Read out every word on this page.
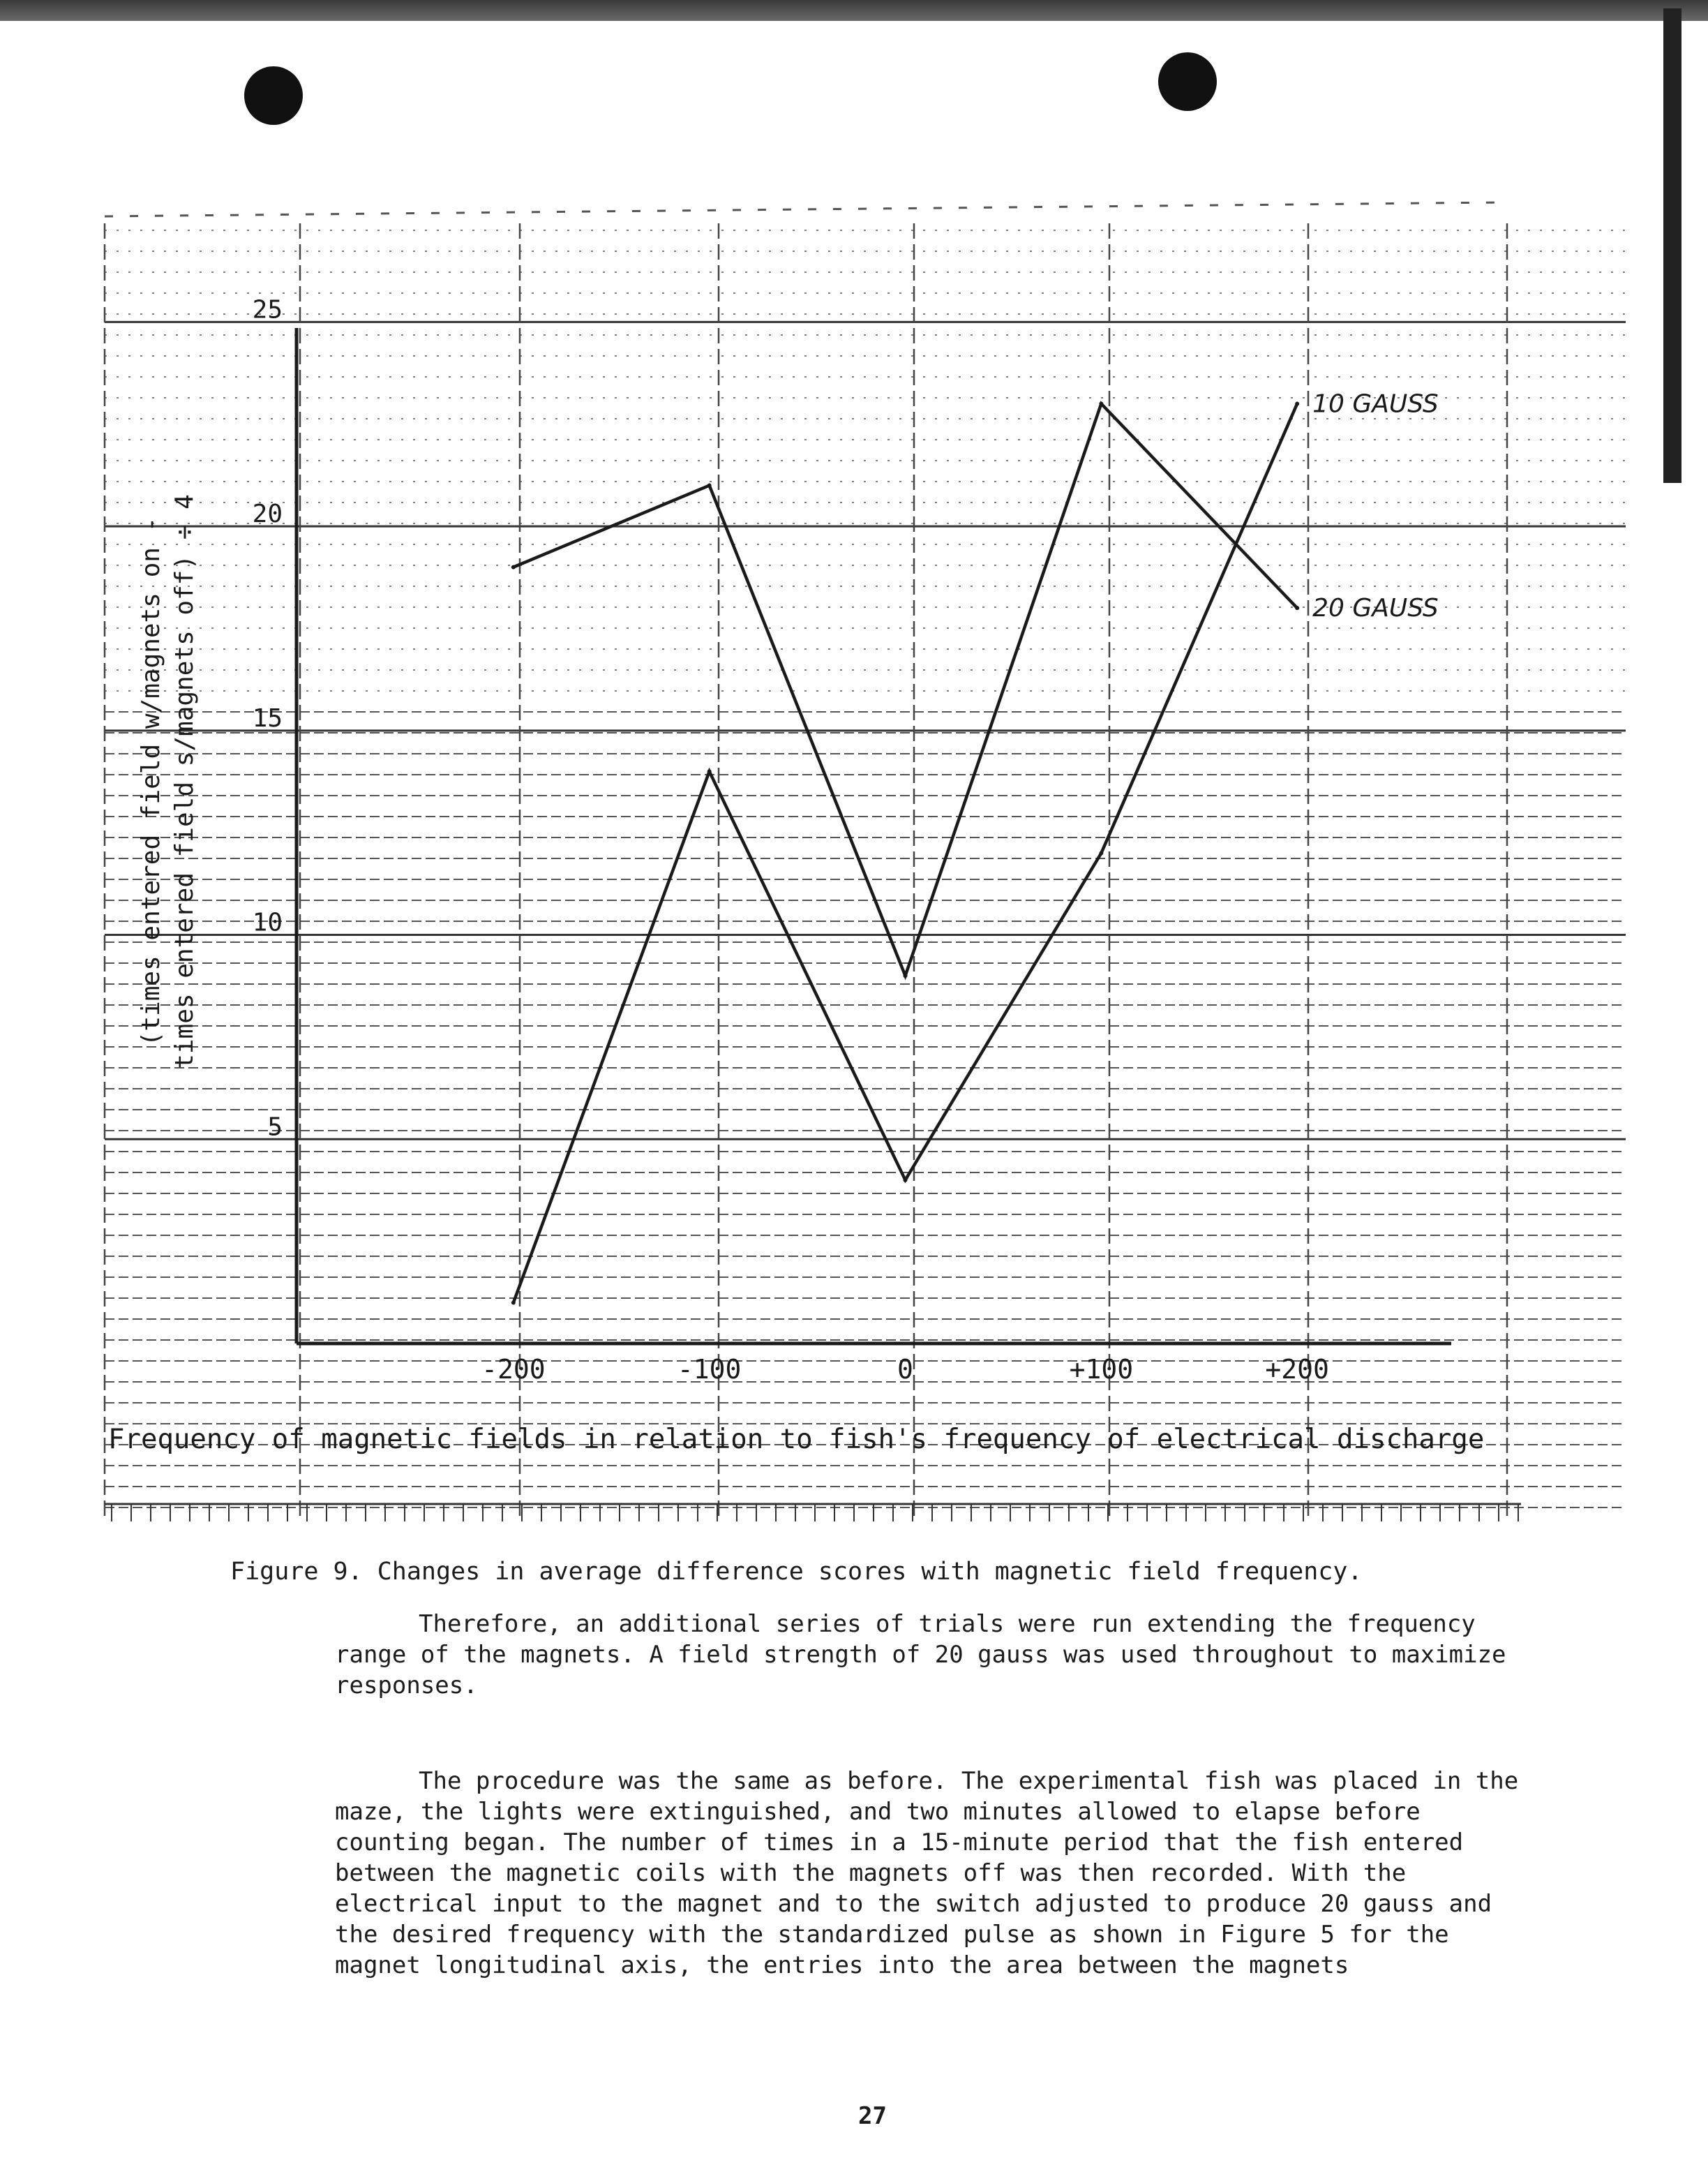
5
10
15
20
25
-200	-100	0	+100	+200
Frequency of magnetic fields in relation to fish's frequency of electrical discharge
(times entered field w/magnets on - times entered field s/magnets off) ÷ 4
10 GAUSS
20 GAUSS
Figure 9. Changes in average difference scores with magnetic field frequency.
Therefore, an additional series of trials were run extending the frequency range of the magnets. A field strength of 20 gauss was used throughout to maximize responses.
The procedure was the same as before. The experimental fish was placed in the maze, the lights were extinguished, and two minutes allowed to elapse before counting began. The number of times in a 15-minute period that the fish entered between the magnetic coils with the magnets off was then recorded. With the electrical input to the magnet and to the switch adjusted to produce 20 gauss and the desired frequency with the standardized pulse as shown in Figure 5 for the magnet longitudinal axis, the entries into the area between the magnets
27
